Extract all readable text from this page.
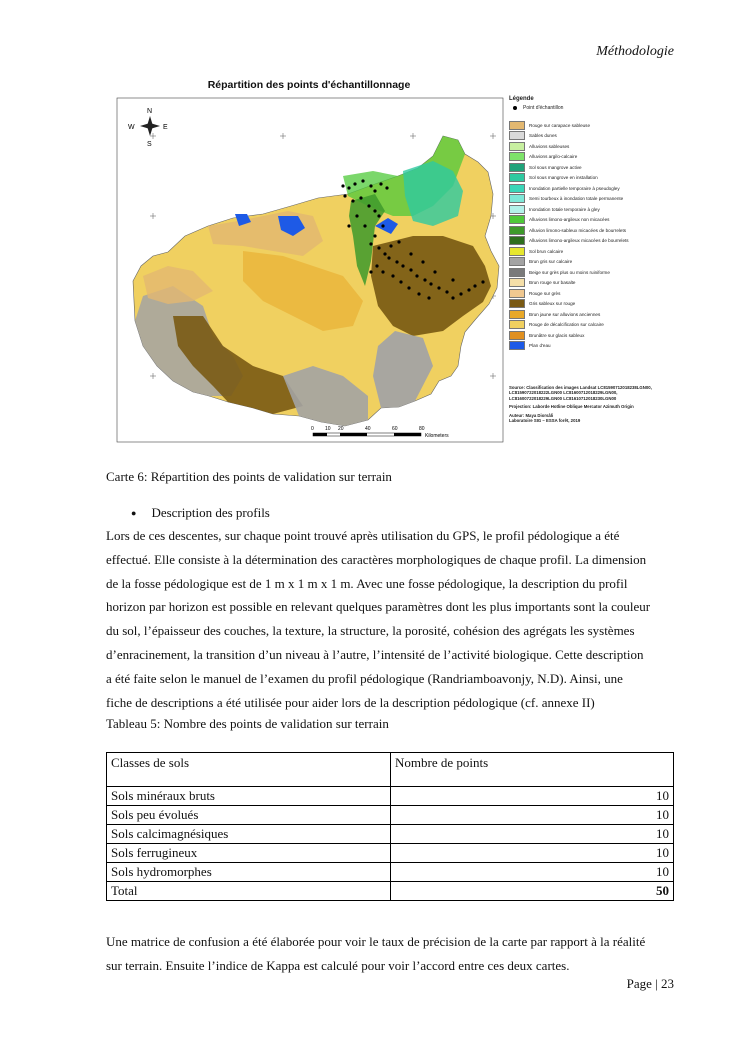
Méthodologie
N
S
E
W
0 10 20	40	60	80
Kilometers
Répartition des points d'échantillonnage
Légende
Point d'échantillon
Rouge sur carapace sableuse
Sables dunes
Alluvions sableuses
Alluvions argilo-calcaire
Sol sous mangrove active
Sol sous mangrove en installation
Inondation partielle temporaire à pseudogley
Semi tourbeux à inondation totale permanente
Inondation totale temporaire à gley
Alluvions limono-argileux non micacées
Alluvion limono-sableux micacées de bourrelets
Alluvions limono-argileux micacées de bourrelets
Sol brun calcaire
Brun gris sur calcaire
Beige sur grès plus ou moins ruiniforme
Brun rouge sur basalte
Rouge sur grès
Gris sableux sur rouge
Brun jaune sur alluvions anciennes
Rouge de décalcification sur calcaire
Brunâtre sur glacis sableux
Plan d'eau

Source: Classification des images Landsat LC81590712018238LGN00, LC81590722018222LGN00 LC81600712018229LGN00, LC81600722018229LGN00 LC81610712018230LGN00

Projection: Laborde Hotline Oblique Mercator Azimuth Origin

Auteur: Maya Diorsâli

Laboratoire SIG – ESSA forêt, 2019

Carte 6: Répartition des points de validation sur terrain
● Description des profils
Lors de ces descentes, sur chaque point trouvé après utilisation du GPS, le profil pédologique a été
effectué. Elle consiste à la détermination des caractères morphologiques de chaque profil. La dimension
de la fosse pédologique est de 1 m x 1 m x 1 m. Avec une fosse pédologique, la description du profil
horizon par horizon est possible en relevant quelques paramètres dont les plus importants sont la couleur
du sol, l’épaisseur des couches, la texture, la structure, la porosité, cohésion des agrégats les systèmes
d’enracinement, la transition d’un niveau à l’autre, l’intensité de l’activité biologique. Cette description
a été faite selon le manuel de l’examen du profil pédologique (Randriamboavonjy, N.D). Ainsi, une
fiche de descriptions a été utilisée pour aider lors de la description pédologique (cf. annexe II)
Tableau 5: Nombre des points de validation sur terrain
Classes de sols	Nombre de points
Sols minéraux bruts	10
Sols peu évolués	10
Sols calcimagnésiques	10
Sols ferrugineux	10
Sols hydromorphes	10
Total	50
Une matrice de confusion a été élaborée pour voir le taux de précision de la carte par rapport à la réalité
sur terrain. Ensuite l’indice de Kappa est calculé pour voir l’accord entre ces deux cartes.
Page | 23
